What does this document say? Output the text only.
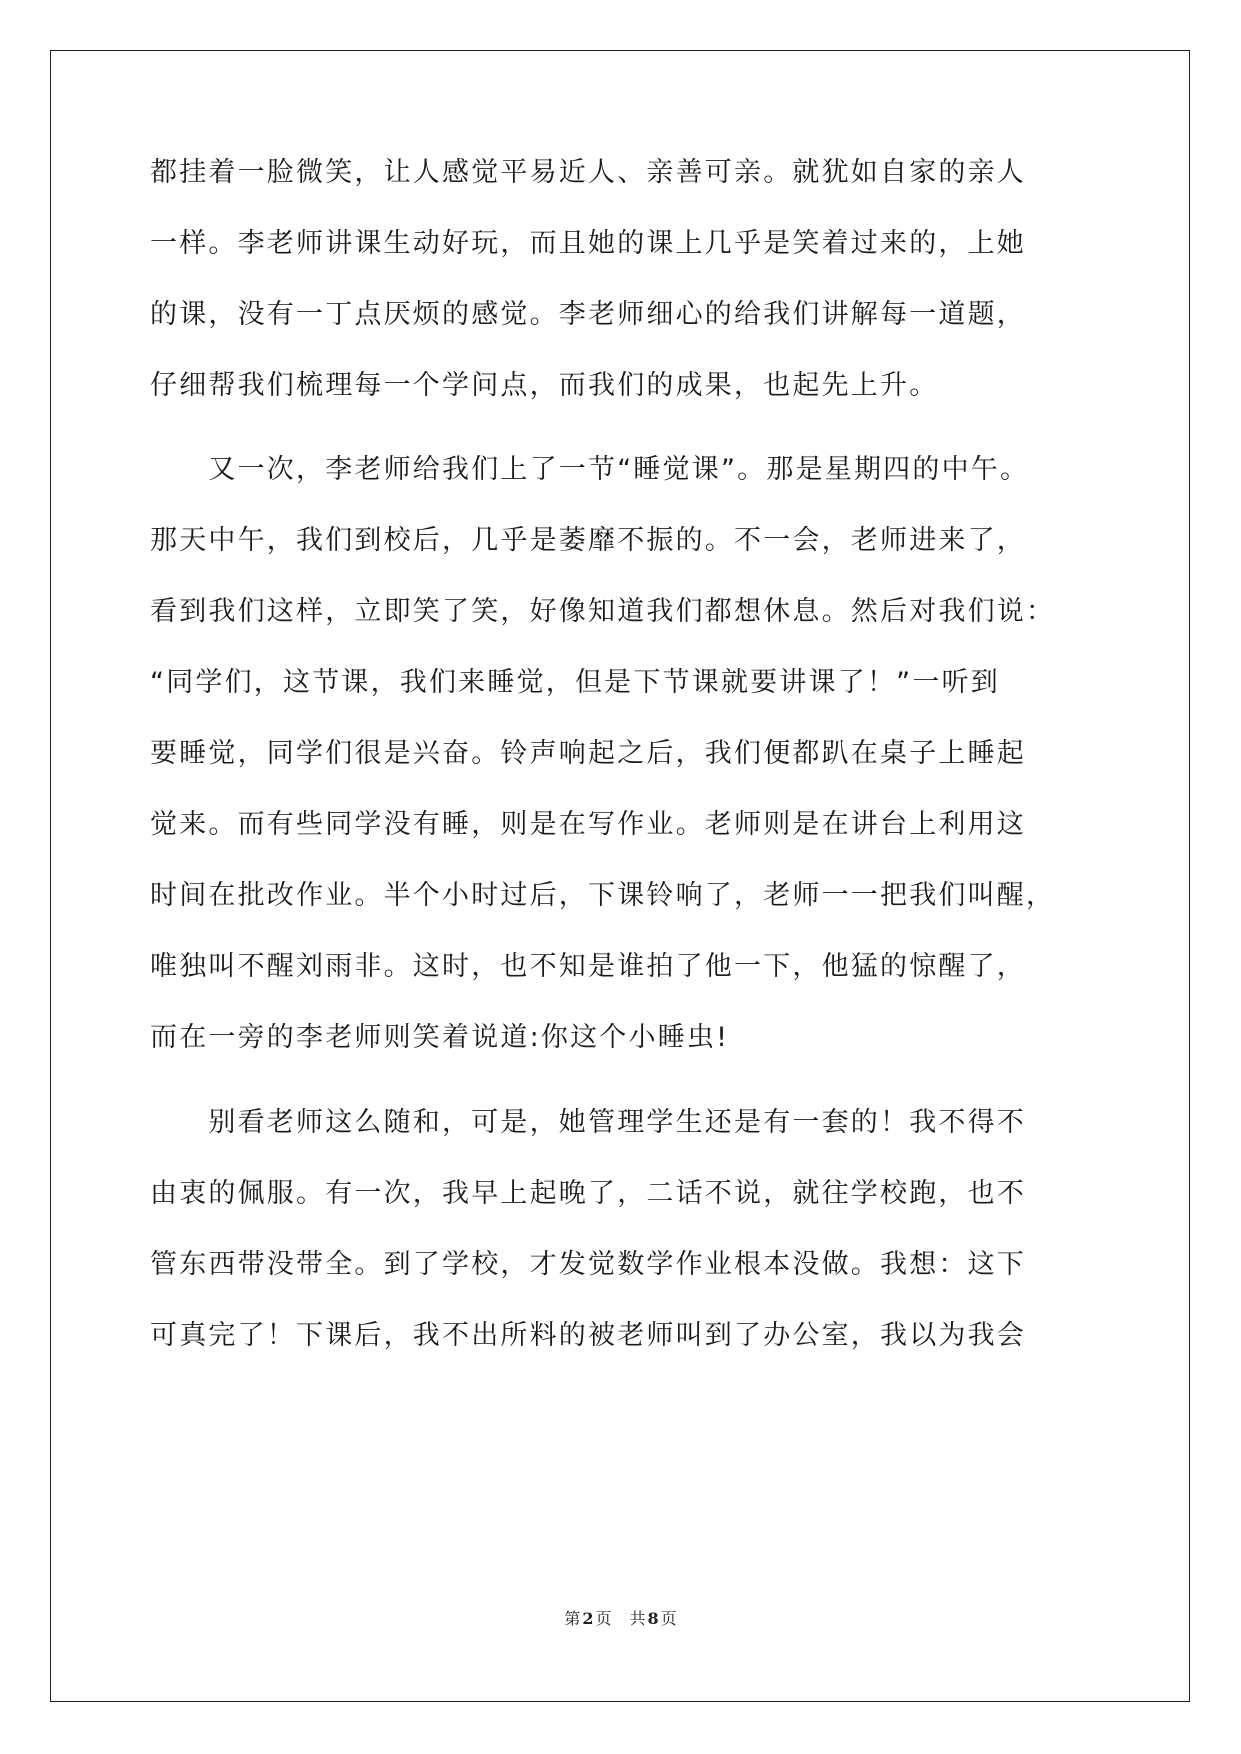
都挂着一脸微笑，让人感觉平易近人、亲善可亲。就犹如自家的亲人
一样。李老师讲课生动好玩，而且她的课上几乎是笑着过来的，上她
的课，没有一丁点厌烦的感觉。李老师细心的给我们讲解每一道题，
仔细帮我们梳理每一个学问点，而我们的成果，也起先上升。
　　又一次，李老师给我们上了一节“睡觉课”。那是星期四的中午。
那天中午，我们到校后，几乎是萎靡不振的。不一会，老师进来了，
看到我们这样，立即笑了笑，好像知道我们都想休息。然后对我们说：
“同学们，这节课，我们来睡觉，但是下节课就要讲课了！”一听到
要睡觉，同学们很是兴奋。铃声响起之后，我们便都趴在桌子上睡起
觉来。而有些同学没有睡，则是在写作业。老师则是在讲台上利用这
时间在批改作业。半个小时过后，下课铃响了，老师一一把我们叫醒，
唯独叫不醒刘雨非。这时，也不知是谁拍了他一下，他猛的惊醒了，
而在一旁的李老师则笑着说道:你这个小睡虫!
　　别看老师这么随和，可是，她管理学生还是有一套的！我不得不
由衷的佩服。有一次，我早上起晚了，二话不说，就往学校跑，也不
管东西带没带全。到了学校，才发觉数学作业根本没做。我想：这下
可真完了！下课后，我不出所料的被老师叫到了办公室，我以为我会
第 2 页 共 8 页
